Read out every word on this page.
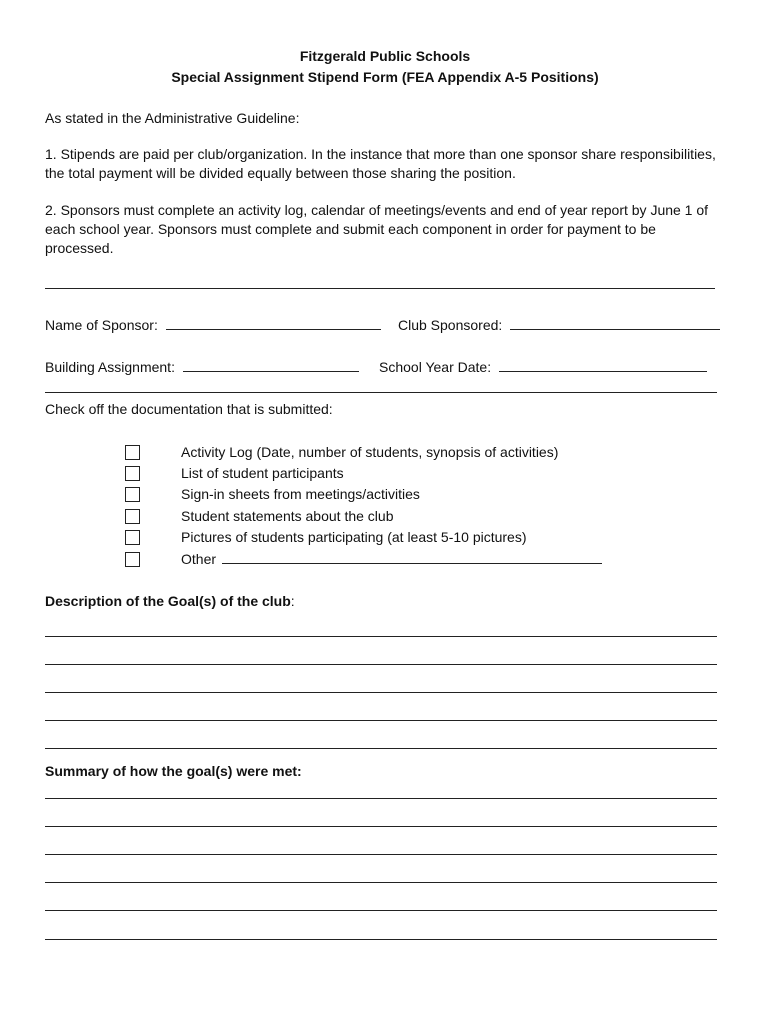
Fitzgerald Public Schools
Special Assignment Stipend Form (FEA Appendix A-5 Positions)
As stated in the Administrative Guideline:
1. Stipends are paid per club/organization. In the instance that more than one sponsor share responsibilities, the total payment will be divided equally between those sharing the position.
2. Sponsors must complete an activity log, calendar of meetings/events and end of year report by June 1 of each school year. Sponsors must complete and submit each component in order for payment to be processed.
Name of Sponsor:	Club Sponsored:
Building Assignment:	School Year Date:
Check off the documentation that is submitted:
Activity Log (Date, number of students, synopsis of activities)
List of student participants
Sign-in sheets from meetings/activities
Student statements about the club
Pictures of students participating (at least 5-10 pictures)
Other
Description of the Goal(s) of the club:
Summary of how the goal(s) were met:
